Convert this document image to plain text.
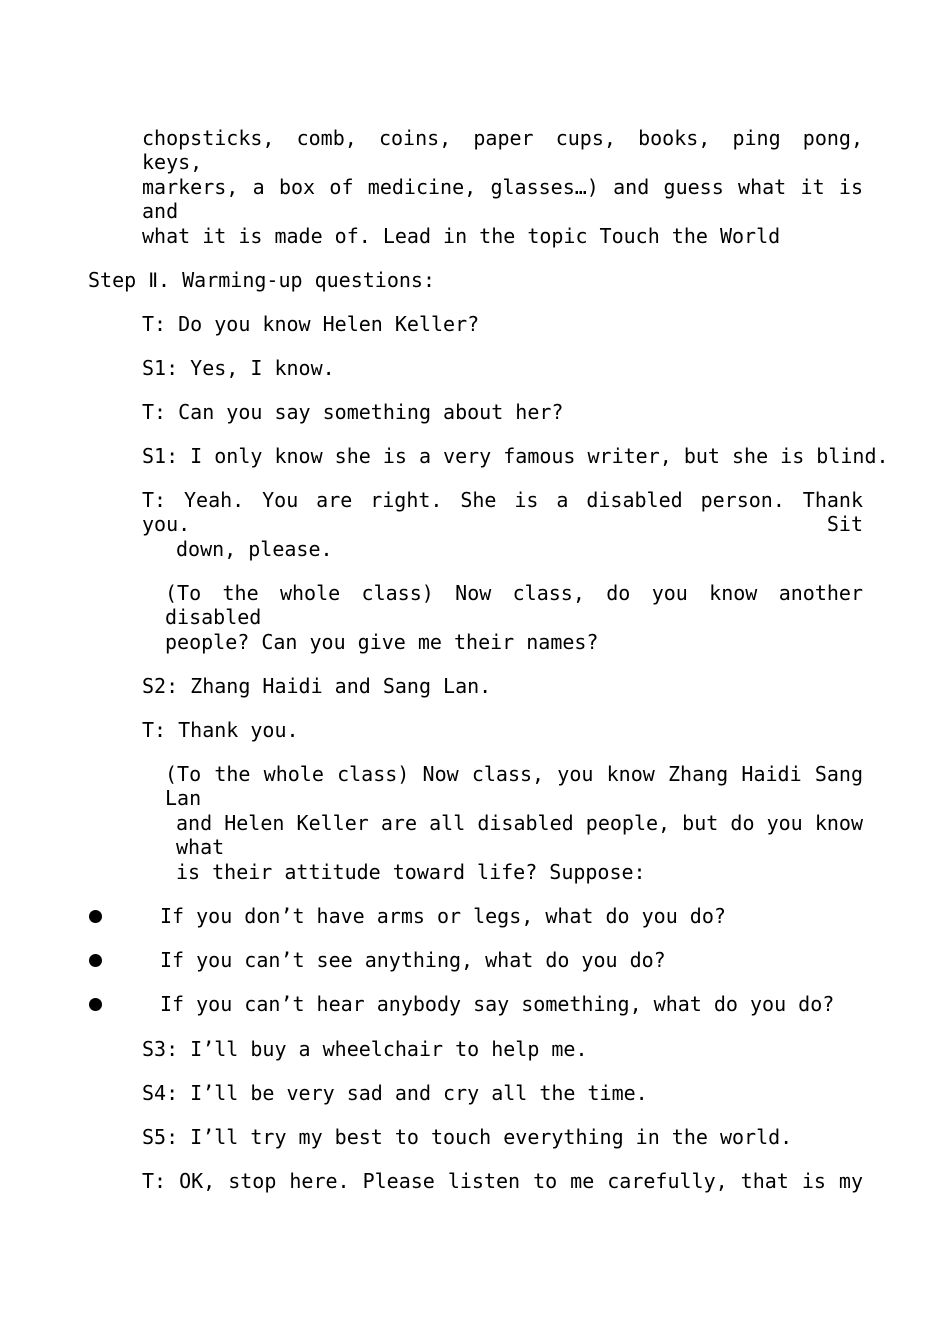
chopsticks, comb, coins, paper cups, books, ping pong, keys,
markers, a box of medicine, glasses…) and guess what it is and
what it is made of. Lead in the topic Touch the World
Step Ⅱ. Warming-up questions:
T: Do you know Helen Keller?
S1: Yes, I know.
T: Can you say something about her?
S1: I only know she is a very famous writer, but she is blind.
T: Yeah. You are right. She is a disabled person. Thank you. Sit
down, please.
(To the whole class) Now class, do you know another disabled
people? Can you give me their names?
S2: Zhang Haidi and Sang Lan.
T: Thank you.
(To the whole class) Now class, you know Zhang Haidi Sang Lan
and Helen Keller are all disabled people, but do you know what
is their attitude toward life? Suppose:
If you don’t have arms or legs, what do you do?
If you can’t see anything, what do you do?
If you can’t hear anybody say something, what do you do?
S3: I’ll buy a wheelchair to help me.
S4: I’ll be very sad and cry all the time.
S5: I’ll try my best to touch everything in the world.
T: OK, stop here. Please listen to me carefully, that is my
